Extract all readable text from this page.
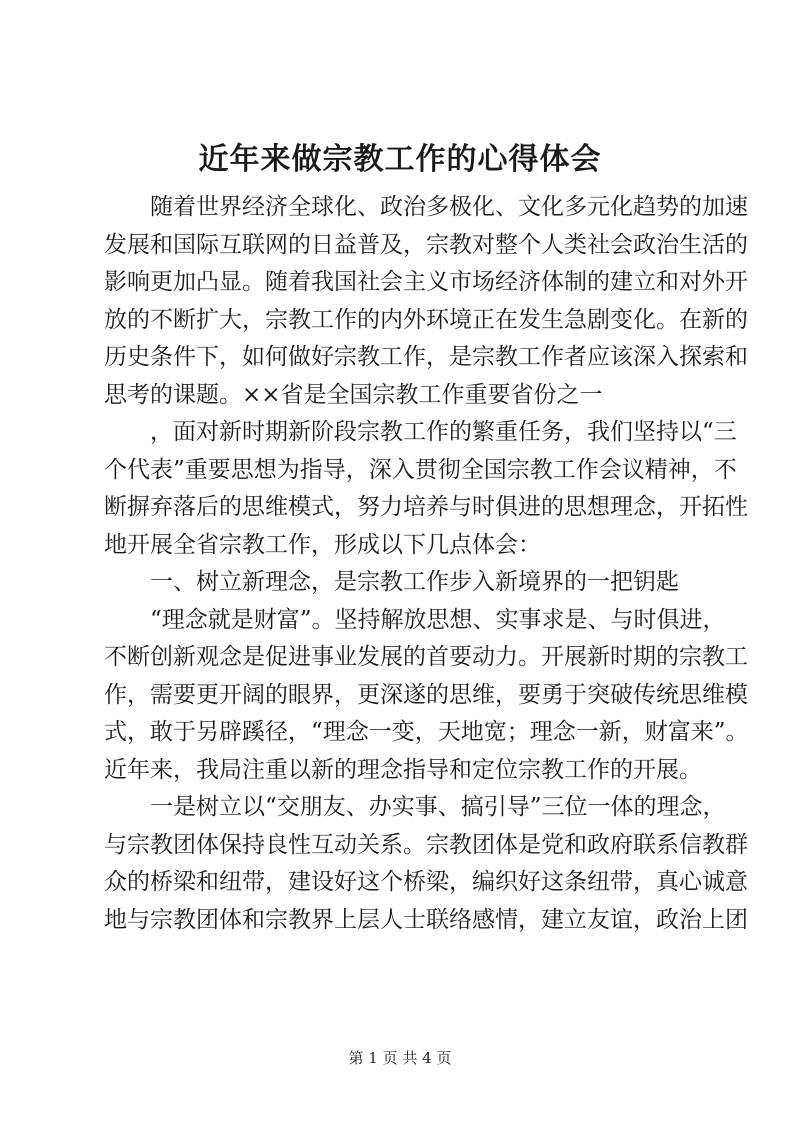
近年来做宗教工作的心得体会
随着世界经济全球化、政治多极化、文化多元化趋势的加速
发展和国际互联网的日益普及，宗教对整个人类社会政治生活的
影响更加凸显。随着我国社会主义市场经济体制的建立和对外开
放的不断扩大，宗教工作的内外环境正在发生急剧变化。在新的
历史条件下，如何做好宗教工作，是宗教工作者应该深入探索和
思考的课题。××省是全国宗教工作重要省份之一
，面对新时期新阶段宗教工作的繁重任务，我们坚持以“三
个代表”重要思想为指导，深入贯彻全国宗教工作会议精神，不
断摒弃落后的思维模式，努力培养与时俱进的思想理念，开拓性
地开展全省宗教工作，形成以下几点体会：
一、树立新理念，是宗教工作步入新境界的一把钥匙
“理念就是财富”。坚持解放思想、实事求是、与时俱进，
不断创新观念是促进事业发展的首要动力。开展新时期的宗教工
作，需要更开阔的眼界，更深遂的思维，要勇于突破传统思维模
式，敢于另辟蹊径，“理念一变，天地宽；理念一新，财富来”。
近年来，我局注重以新的理念指导和定位宗教工作的开展。
一是树立以“交朋友、办实事、搞引导”三位一体的理念，
与宗教团体保持良性互动关系。宗教团体是党和政府联系信教群
众的桥梁和纽带，建设好这个桥梁，编织好这条纽带，真心诚意
地与宗教团体和宗教界上层人士联络感情，建立友谊，政治上团
第 1 页 共 4 页
